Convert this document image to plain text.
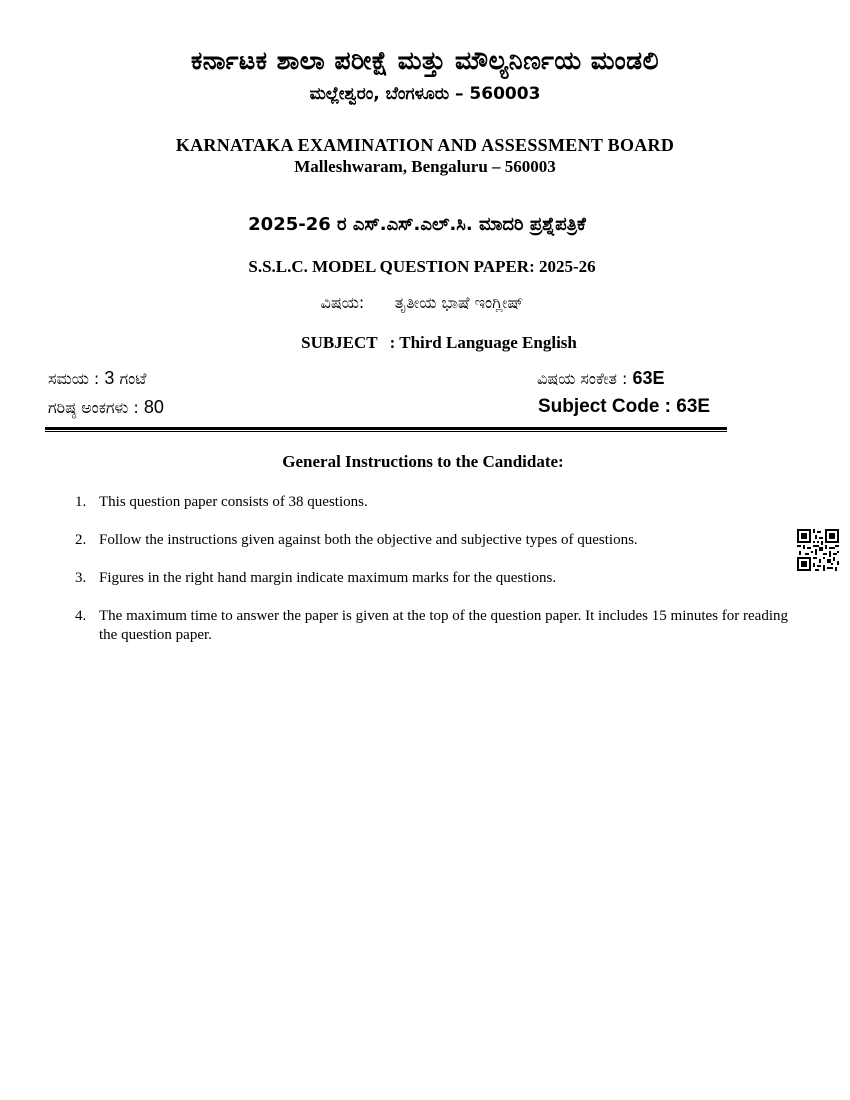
ಕರ್ನಾಟಕ ಶಾಲಾ ಪರೀಕ್ಷೆ ಮತ್ತು ಮೌಲ್ಯನಿರ್ಣಯ ಮಂಡಲಿ
ಮಲ್ಲೇಶ್ವರಂ, ಬೆಂಗಳೂರು – 560003
KARNATAKA EXAMINATION AND ASSESSMENT BOARD
Malleshwaram, Bengaluru – 560003
2025-26 ರ ಎಸ್.ಎಸ್.ಎಲ್.ಸಿ. ಮಾದರಿ ಪ್ರಶ್ನೆಪತ್ರಿಕೆ
S.S.L.C. MODEL QUESTION PAPER: 2025-26
ವಿಷಯ: ತೃತೀಯ ಭಾಷೆ ಇಂಗ್ಲೀಷ್
SUBJECT : Third Language English
ಸಮಯ : 3 ಗಂಟೆ	ವಿಷಯ ಸಂಕೇತ : 63E
ಗರಿಷ್ಠ ಅಂಕಗಳು : 80	Subject Code : 63E
General Instructions to the Candidate:
1. This question paper consists of 38 questions.
2. Follow the instructions given against both the objective and subjective types of questions.
3. Figures in the right hand margin indicate maximum marks for the questions.
4. The maximum time to answer the paper is given at the top of the question paper. It includes 15 minutes for reading the question paper.
